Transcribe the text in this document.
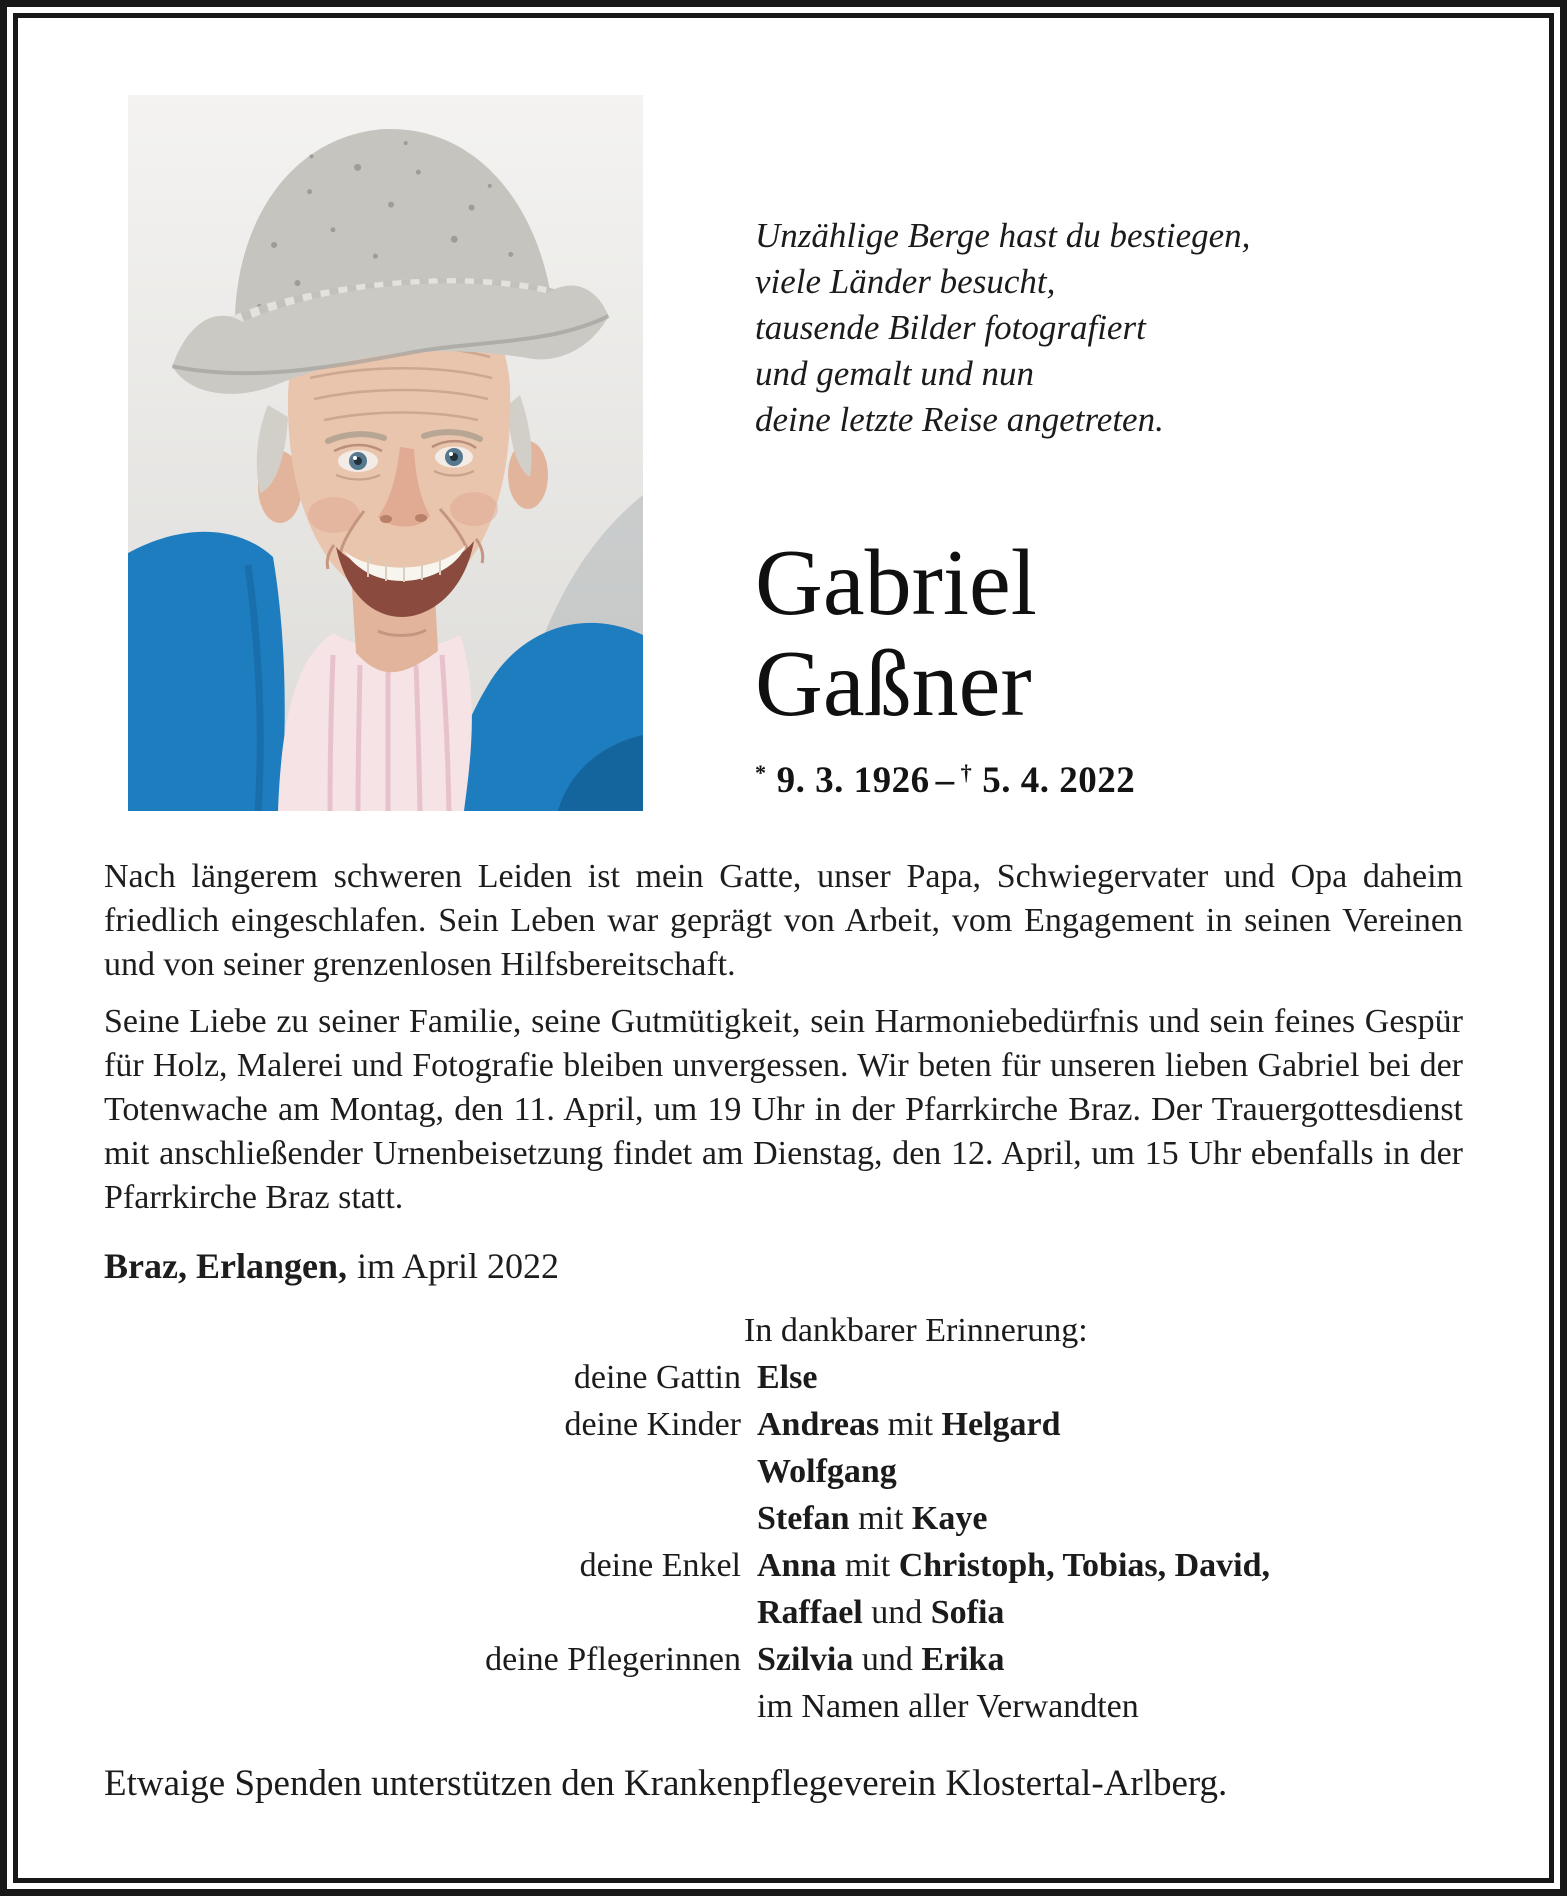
Unzählige Berge hast du bestiegen,
viele Länder besucht,
tausende Bilder fotografiert
und gemalt und nun
deine letzte Reise angetreten.
Gabriel
Gaßner
* 9. 3. 1926 – † 5. 4. 2022

Nach längerem schweren Leiden ist mein Gatte, unser Papa, Schwiegervater und Opa daheim friedlich eingeschlafen. Sein Leben war geprägt von Arbeit, vom Engagement in seinen Vereinen und von seiner grenzenlosen Hilfsbereitschaft.

Seine Liebe zu seiner Familie, seine Gutmütigkeit, sein Harmoniebedürfnis und sein feines Gespür für Holz, Malerei und Fotografie bleiben unvergessen. Wir beten für unseren lieben Gabriel bei der Totenwache am Montag, den 11. April, um 19 Uhr in der Pfarrkirche Braz. Der Trauergottesdienst mit anschließender Urnenbeisetzung findet am Dienstag, den 12. April, um 15 Uhr ebenfalls in der Pfarrkirche Braz statt.

Braz, Erlangen, im April 2022
In dankbarer Erinnerung:
deine Gattin Else
deine Kinder Andreas mit Helgard
Wolfgang
Stefan mit Kaye
deine Enkel Anna mit Christoph, Tobias, David,
Raffael und Sofia
deine Pflegerinnen Szilvia und Erika
im Namen aller Verwandten
Etwaige Spenden unterstützen den Krankenpflegeverein Klostertal-Arlberg.
